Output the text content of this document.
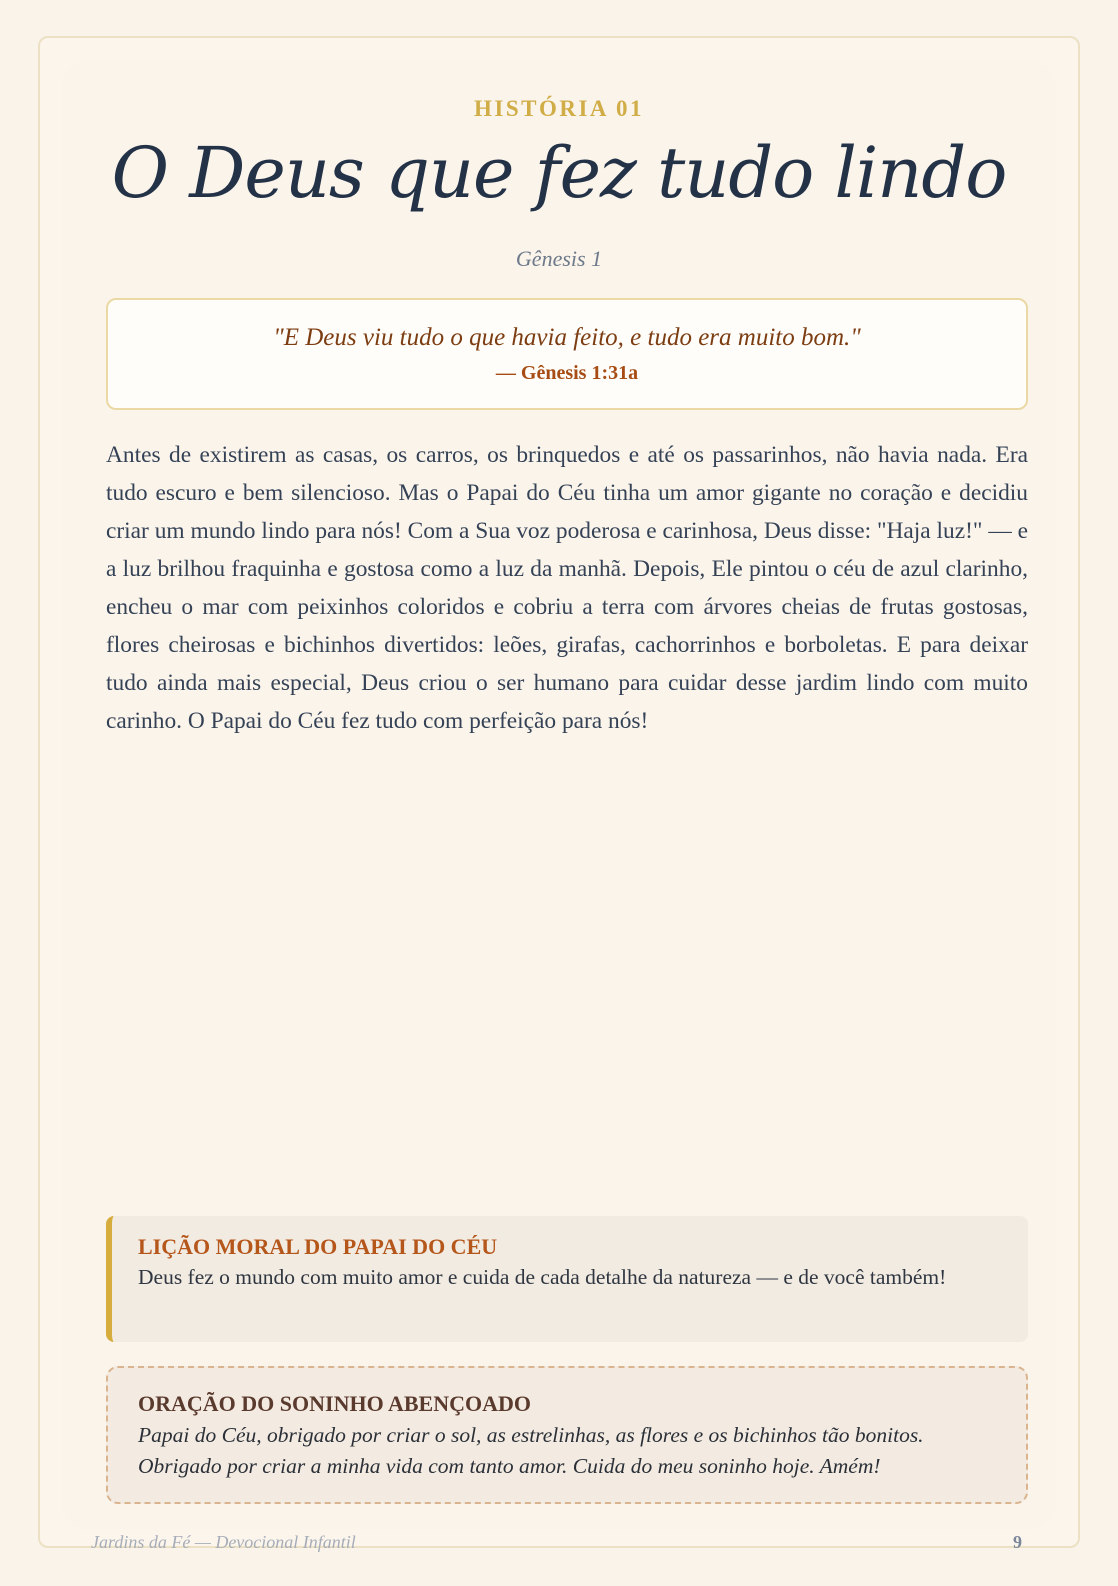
HISTÓRIA 01
O Deus que fez tudo lindo
Gênesis 1
"E Deus viu tudo o que havia feito, e tudo era muito bom."
— Gênesis 1:31a
Antes de existirem as casas, os carros, os brinquedos e até os passarinhos, não havia nada. Era tudo escuro e bem silencioso. Mas o Papai do Céu tinha um amor gigante no coração e decidiu criar um mundo lindo para nós! Com a Sua voz poderosa e carinhosa, Deus disse: "Haja luz!" — e a luz brilhou fraquinha e gostosa como a luz da manhã. Depois, Ele pintou o céu de azul clarinho, encheu o mar com peixinhos coloridos e cobriu a terra com árvores cheias de frutas gostosas, flores cheirosas e bichinhos divertidos: leões, girafas, cachorrinhos e borboletas. E para deixar tudo ainda mais especial, Deus criou o ser humano para cuidar desse jardim lindo com muito carinho. O Papai do Céu fez tudo com perfeição para nós!
LIÇÃO MORAL DO PAPAI DO CÉU
Deus fez o mundo com muito amor e cuida de cada detalhe da natureza — e de você também!
ORAÇÃO DO SONINHO ABENÇOADO
Papai do Céu, obrigado por criar o sol, as estrelinhas, as flores e os bichinhos tão bonitos. Obrigado por criar a minha vida com tanto amor. Cuida do meu soninho hoje. Amém!
Jardins da Fé — Devocional Infantil	9
